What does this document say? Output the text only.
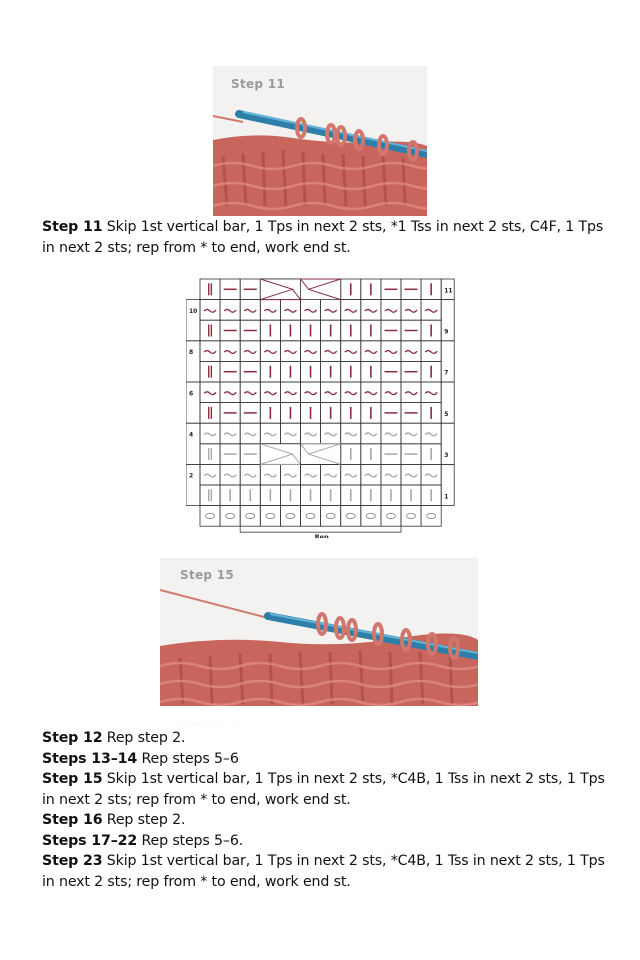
Step 11
Step 11 Skip 1st vertical bar, 1 Tps in next 2 sts, *1 Tss in next 2 sts, C4F, 1 Tps in next 2 sts; rep from * to end, work end st.
11
10
9
8
7
6
5
4
3
2
1
Rep
Step 15
· · ·· ·· · · ·
Step 12 Rep step 2.
Steps 13–14 Rep steps 5–6
Step 15 Skip 1st vertical bar, 1 Tps in next 2 sts, *C4B, 1 Tss in next 2 sts, 1 Tps in next 2 sts; rep from * to end, work end st.
Step 16 Rep step 2.
Steps 17–22 Rep steps 5–6.
Step 23 Skip 1st vertical bar, 1 Tps in next 2 sts, *C4B, 1 Tss in next 2 sts, 1 Tps in next 2 sts; rep from * to end, work end st.
